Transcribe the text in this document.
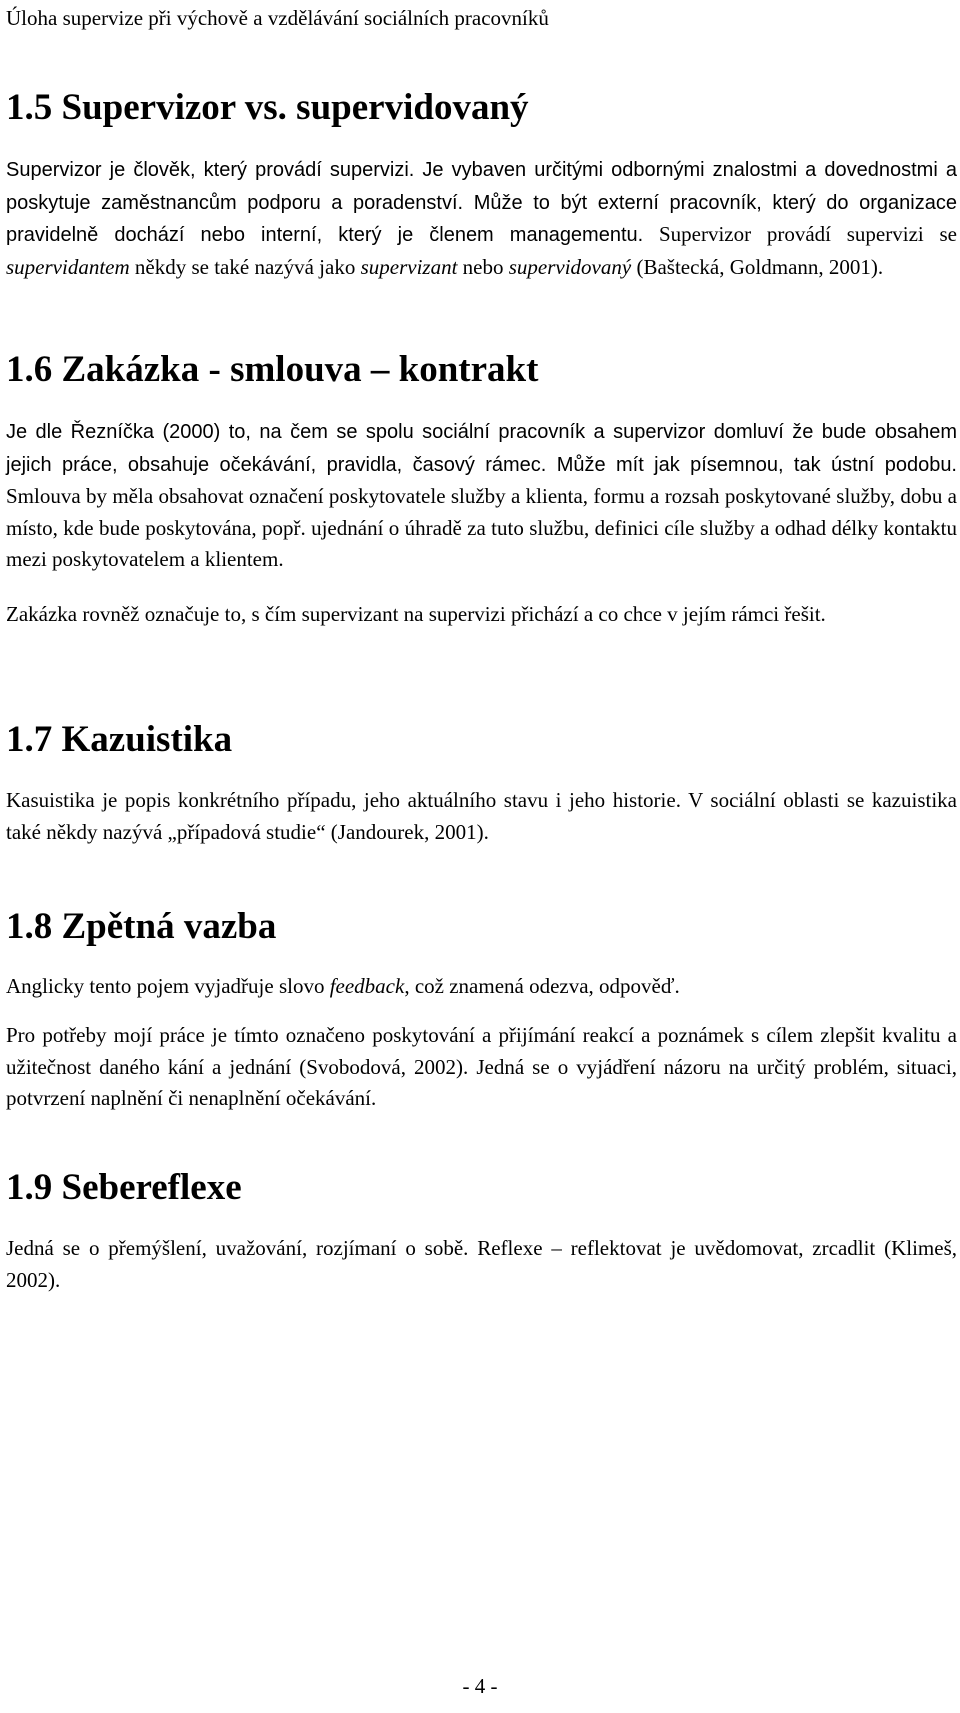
Úloha supervize při výchově a vzdělávání sociálních pracovníků
1.5 Supervizor vs. supervidovaný

Supervizor je člověk, který provádí supervizi. Je vybaven určitými odbornými znalostmi a dovednostmi a poskytuje zaměstnancům podporu a poradenství. Může to být externí pracovník, který do organizace pravidelně dochází nebo interní, který je členem managementu. Supervizor provádí supervizi se supervidantem někdy se také nazývá jako supervizant nebo supervidovaný (Baštecká, Goldmann, 2001).

1.6 Zakázka - smlouva – kontrakt

Je dle Řezníčka (2000) to, na čem se spolu sociální pracovník a supervizor domluví že bude obsahem jejich práce, obsahuje očekávání, pravidla, časový rámec. Může mít jak písemnou, tak ústní podobu. Smlouva by měla obsahovat označení poskytovatele služby a klienta, formu a rozsah poskytované služby, dobu a místo, kde bude poskytována, popř. ujednání o úhradě za tuto službu, definici cíle služby a odhad délky kontaktu mezi poskytovatelem a klientem.

Zakázka rovněž označuje to, s čím supervizant na supervizi přichází a co chce v jejím rámci řešit.

1.7 Kazuistika

Kasuistika je popis konkrétního případu, jeho aktuálního stavu i jeho historie. V sociální oblasti se kazuistika také někdy nazývá „případová studie“ (Jandourek, 2001).

1.8 Zpětná vazba

Anglicky tento pojem vyjadřuje slovo feedback, což znamená odezva, odpověď.

Pro potřeby mojí práce je tímto označeno poskytování a přijímání reakcí a poznámek s cílem zlepšit kvalitu a užitečnost daného kání a jednání (Svobodová, 2002). Jedná se o vyjádření názoru na určitý problém, situaci, potvrzení naplnění či nenaplnění očekávání.

1.9 Sebereflexe

Jedná se o přemýšlení, uvažování, rozjímaní o sobě. Reflexe – reflektovat je uvědomovat, zrcadlit (Klimeš, 2002).

- 4 -
